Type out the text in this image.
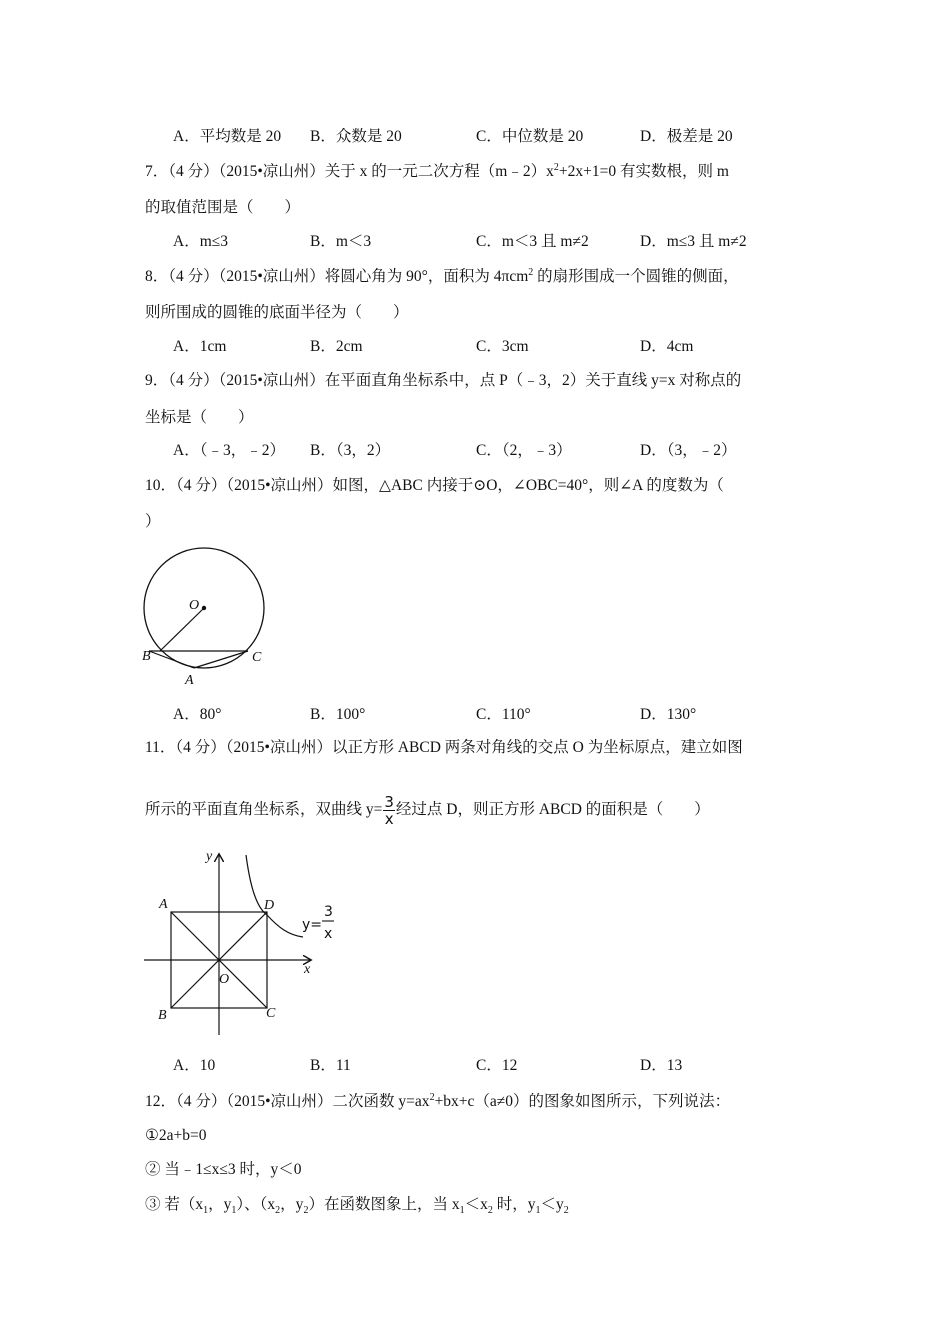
A．平均数是 20 B．众数是 20	C．中位数是 20	D．极差是 20
7．（4 分）（2015•凉山州）关于 x 的一元二次方程$(m﹣2)x^2+2x+1=0$ 有实数根，则 m
的取值范围是（　　）
A．m≤3	B．m＜3	C．m＜3 且 m≠2	D．m≤3 且 m≠2
8．（4 分）（2015•凉山州）将圆心角为 90°，面积为 4πcm$^2$ 的扇形围成一个圆锥的侧面，
则所围成的圆锥的底面半径为（　　）
A．1cm	B．2cm	C．3cm	D．4cm
9．（4 分）（2015•凉山州）在平面直角坐标系中，点 P（﹣3，2）关于直线 y=x 对称点的
坐标是（　　）
A．（﹣3，﹣2） B．（3，2）	C．（2，﹣3）	D．（3，﹣2）
10．（4 分）（2015•凉山州）如图，△ABC 内接于⊙O，∠OBC=40°，则∠A 的度数为（
）
O
B	C
A
A．80°	B．100°	C．110°	D．130°
11．（4 分）（2015•凉山州）以正方形 ABCD 两条对角线的交点 O 为坐标原点，建立如图
所示的平面直角坐标系，双曲线 $y= \frac{3}{x}$ 经过点 D，则正方形 ABCD 的面积是（　　）
y
x
A	D
B	C
O
y=
3
x
A．10	B．11	C．12	D．13
12．（4 分）（2015•凉山州）二次函数 $y=ax^2+bx+c(a\ne 0)$的图象如图所示，下列说法：
①2a+b=0
② 当﹣1≤x≤3 时，y＜0
③ 若（$x_1$，$y_1$）、（$x_2$，$y_2$）在函数图象上，当 $x_1<x_2$ 时，$y_1<y_2$
